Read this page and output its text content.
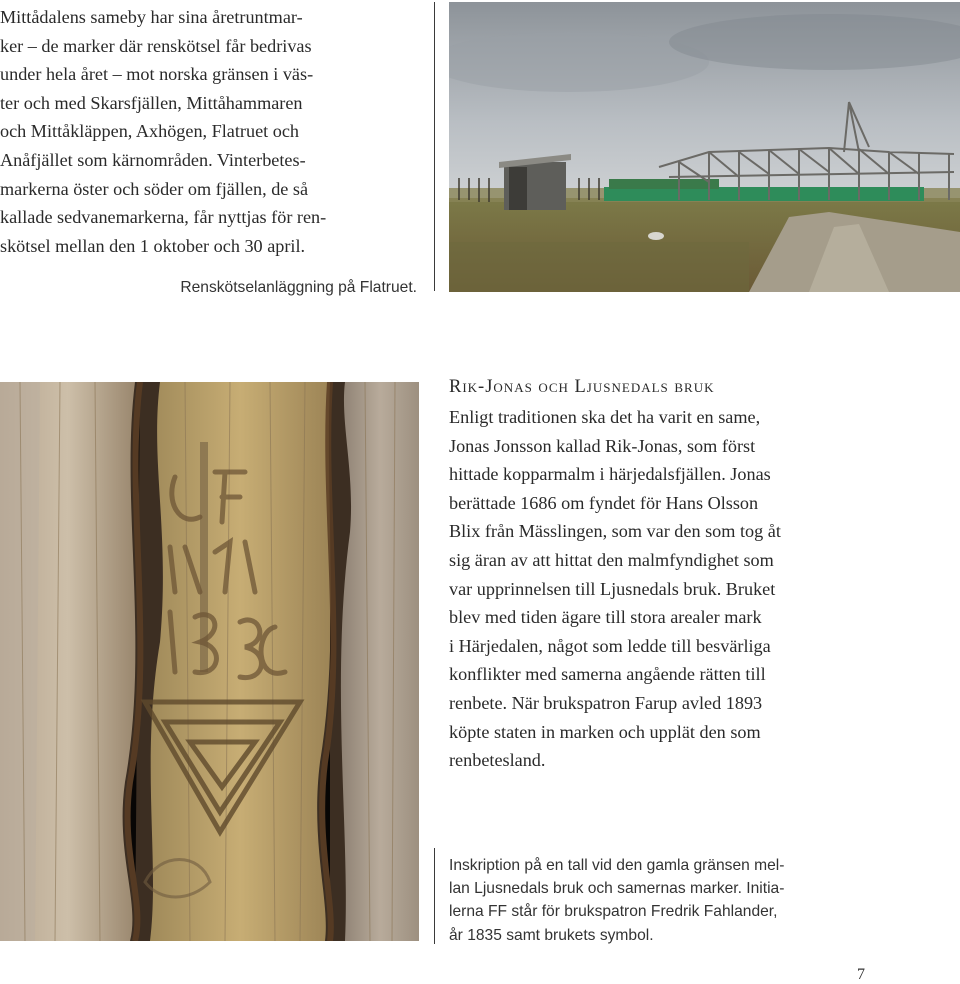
Mittådalens sameby har sina åretruntmar-
ker – de marker där renskötsel får bedrivas
under hela året – mot norska gränsen i väs-
ter och med Skarsfjällen, Mittåhammaren
och Mittåkläppen, Axhögen, Flatruet och
Anåfjället som kärnområden. Vinterbetes-
markerna öster och söder om fjällen, de så
kallade sedvanemarkerna, får nyttjas för ren-
skötsel mellan den 1 oktober och 30 april.
Renskötselanläggning på Flatruet.
Rik-Jonas och Ljusnedals bruk
Enligt traditionen ska det ha varit en same,
Jonas Jonsson kallad Rik-Jonas, som först
hittade kopparmalm i härjedalsfjällen. Jonas
berättade 1686 om fyndet för Hans Olsson
Blix från Mässlingen, som var den som tog åt
sig äran av att hittat den malmfyndighet som
var upprinnelsen till Ljusnedals bruk. Bruket
blev med tiden ägare till stora arealer mark
i Härjedalen, något som ledde till besvärliga
konflikter med samerna angående rätten till
renbete. När brukspatron Farup avled 1893
köpte staten in marken och upplät den som
renbetesland.
Inskription på en tall vid den gamla gränsen mel-
lan Ljusnedals bruk och samernas marker. Initia-
lerna FF står för brukspatron Fredrik Fahlander,
år 1835 samt brukets symbol.
7
